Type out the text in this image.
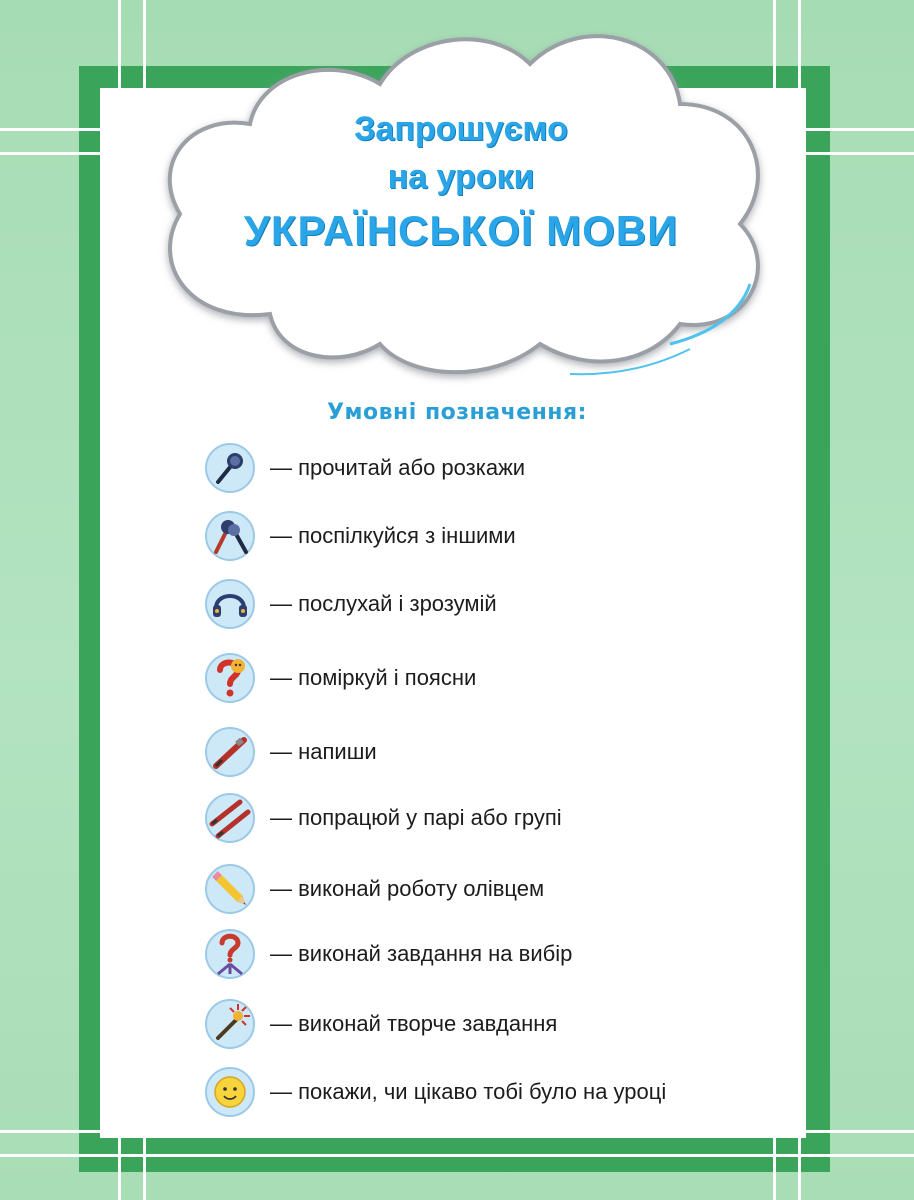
Запрошуємо
на уроки
УКРАЇНСЬКОЇ МОВИ
Умовні позначення:
— прочитай або розкажи
— поспілкуйся з іншими
— послухай і зрозумій
— поміркуй і поясни
— напиши
— попрацюй у парі або групі
— виконай роботу олівцем
— виконай завдання на вибір
— виконай творче завдання
— покажи, чи цікаво тобі було на уроці
